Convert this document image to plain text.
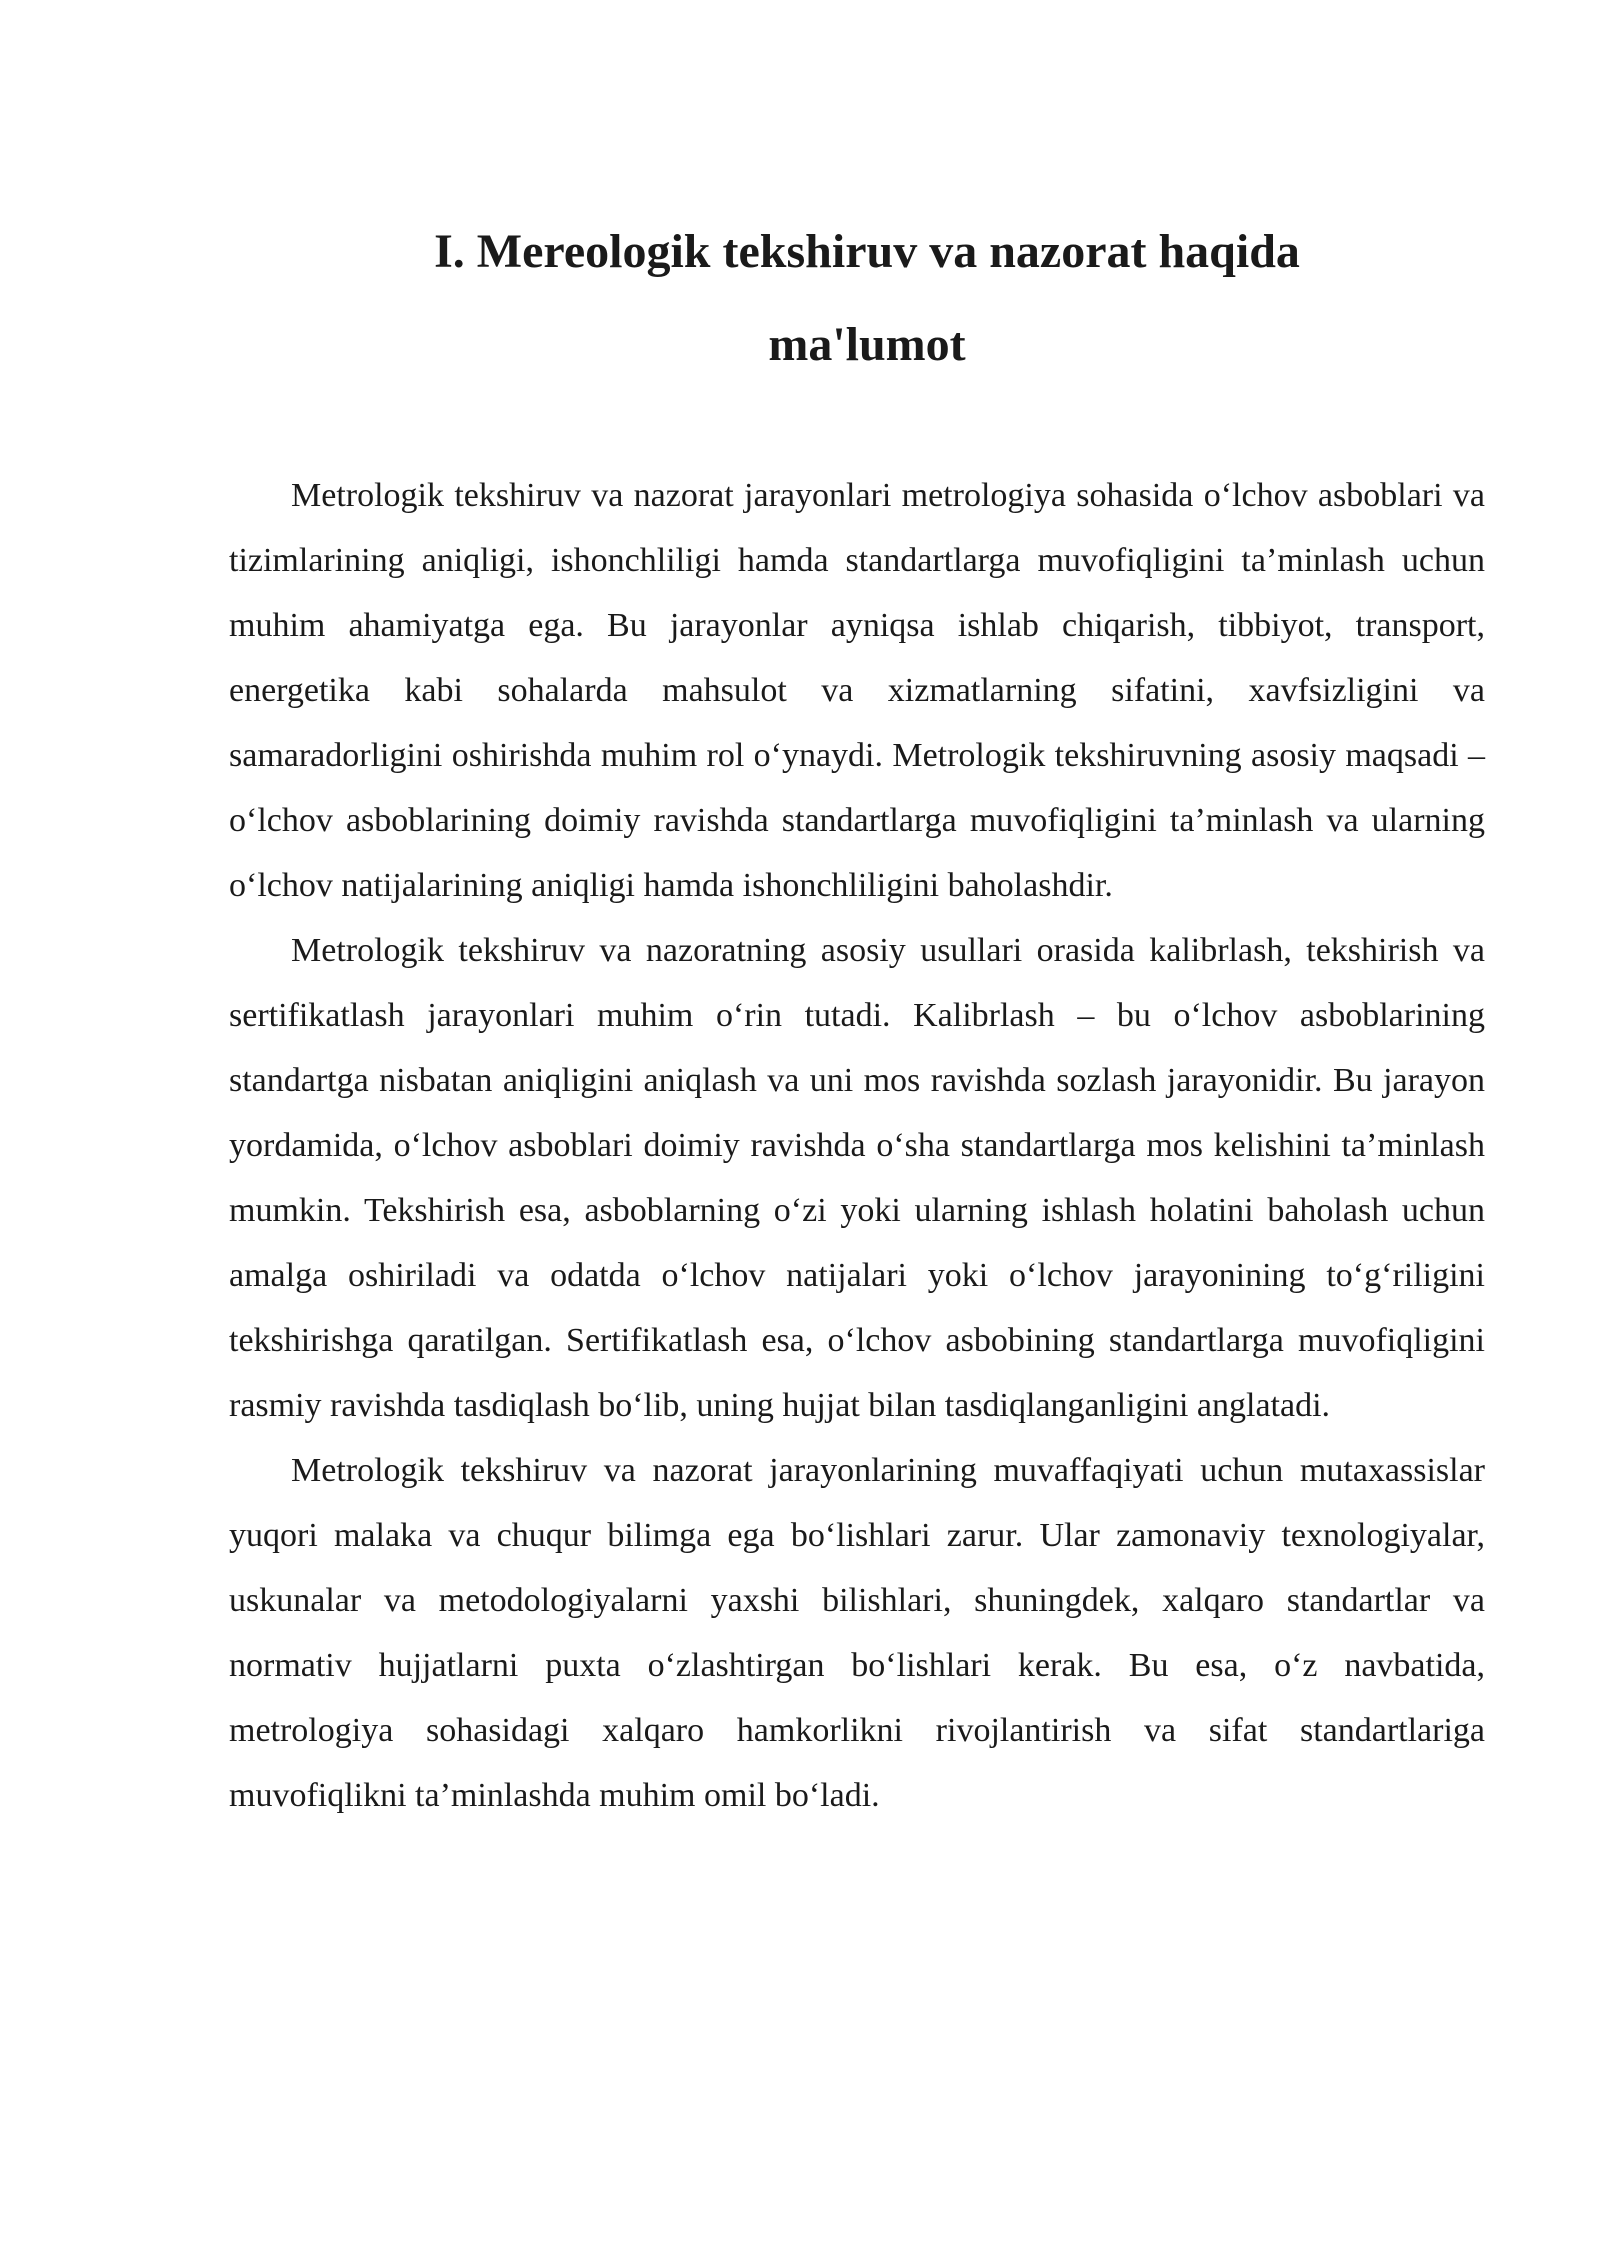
I. Mereologik tekshiruv va nazorat haqida
ma'lumot

Metrologik tekshiruv va nazorat jarayonlari metrologiya sohasida o‘lchov asboblari va tizimlarining aniqligi, ishonchliligi hamda standartlarga muvofiqligini ta’minlash uchun muhim ahamiyatga ega. Bu jarayonlar ayniqsa ishlab chiqarish, tibbiyot, transport, energetika kabi sohalarda mahsulot va xizmatlarning sifatini, xavfsizligini va samaradorligini oshirishda muhim rol o‘ynaydi. Metrologik tekshiruvning asosiy maqsadi – o‘lchov asboblarining doimiy ravishda standartlarga muvofiqligini ta’minlash va ularning o‘lchov natijalarining aniqligi hamda ishonchliligini baholashdir.

Metrologik tekshiruv va nazoratning asosiy usullari orasida kalibrlash, tekshirish va sertifikatlash jarayonlari muhim o‘rin tutadi. Kalibrlash – bu o‘lchov asboblarining standartga nisbatan aniqligini aniqlash va uni mos ravishda sozlash jarayonidir. Bu jarayon yordamida, o‘lchov asboblari doimiy ravishda o‘sha standartlarga mos kelishini ta’minlash mumkin. Tekshirish esa, asboblarning o‘zi yoki ularning ishlash holatini baholash uchun amalga oshiriladi va odatda o‘lchov natijalari yoki o‘lchov jarayonining to‘g‘riligini tekshirishga qaratilgan. Sertifikatlash esa, o‘lchov asbobining standartlarga muvofiqligini rasmiy ravishda tasdiqlash bo‘lib, uning hujjat bilan tasdiqlanganligini anglatadi.

Metrologik tekshiruv va nazorat jarayonlarining muvaffaqiyati uchun mutaxassislar yuqori malaka va chuqur bilimga ega bo‘lishlari zarur. Ular zamonaviy texnologiyalar, uskunalar va metodologiyalarni yaxshi bilishlari, shuningdek, xalqaro standartlar va normativ hujjatlarni puxta o‘zlashtirgan bo‘lishlari kerak. Bu esa, o‘z navbatida, metrologiya sohasidagi xalqaro hamkorlikni rivojlantirish va sifat standartlariga muvofiqlikni ta’minlashda muhim omil bo‘ladi.
